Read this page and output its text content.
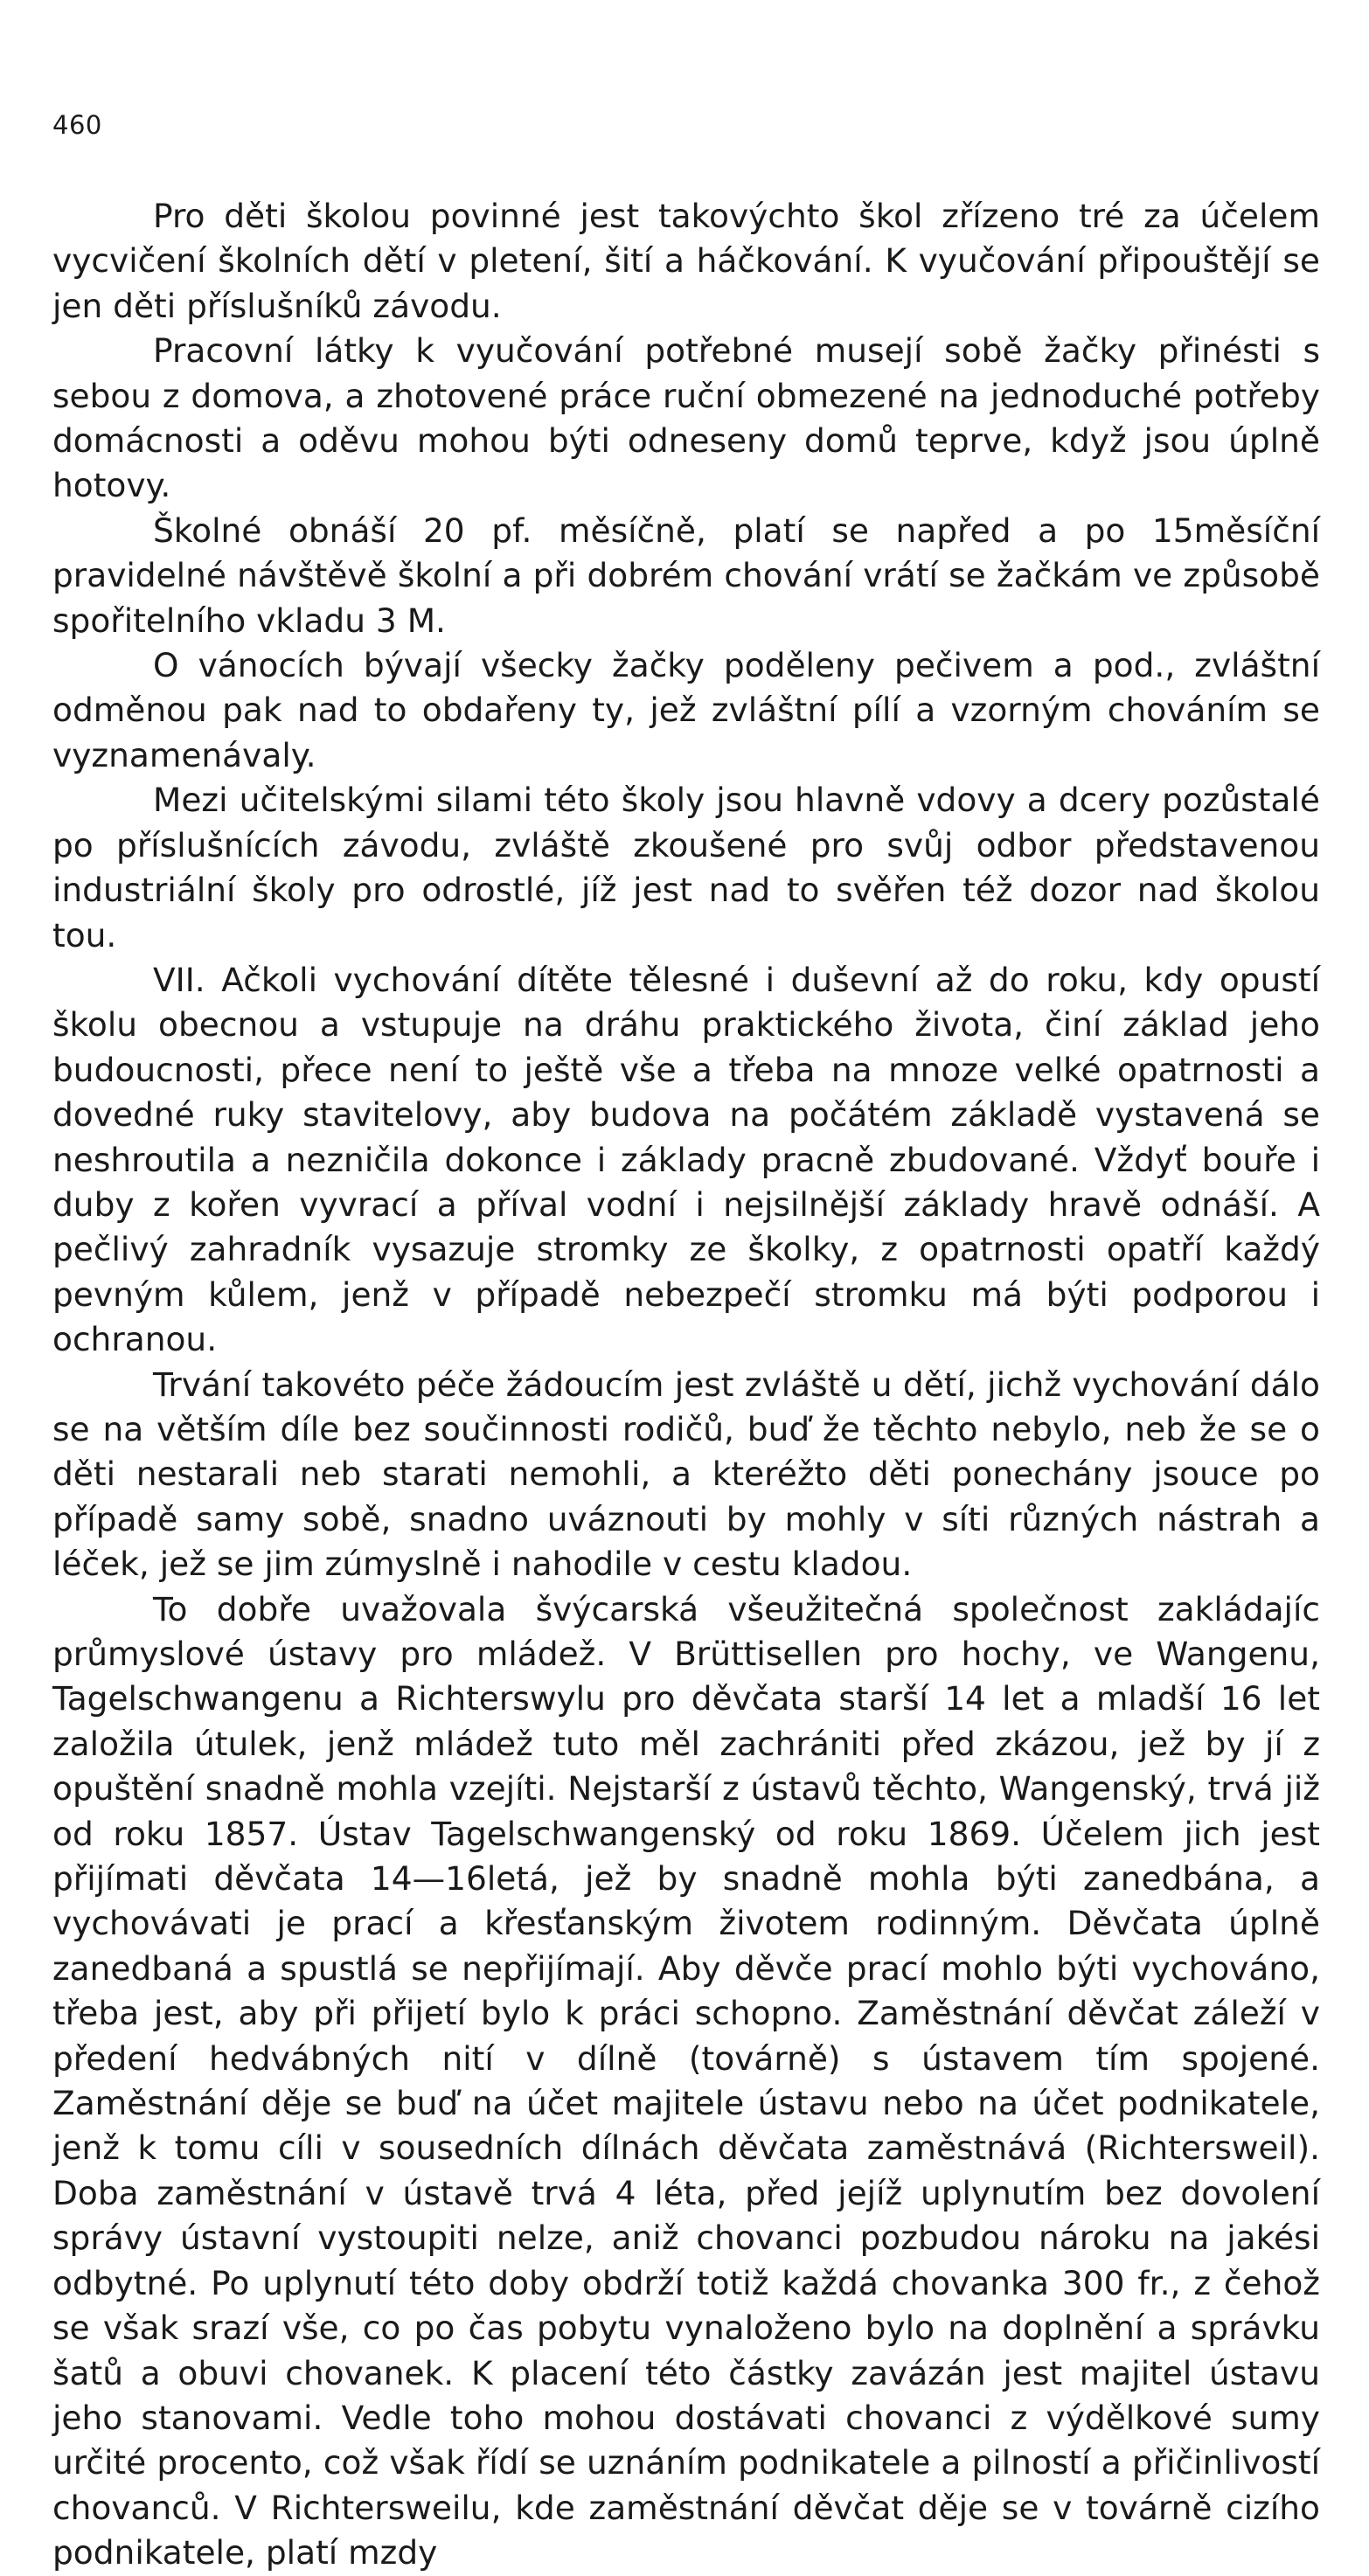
460

Pro děti školou povinné jest takovýchto škol zřízeno tré za účelem vycvičení školních dětí v pletení, šití a háčkování. K vyučování připouštějí se jen děti příslušníků závodu.

Pracovní látky k vyučování potřebné musejí sobě žačky přinésti s sebou z domova, a zhotovené práce ruční obmezené na jednoduché potřeby domácnosti a oděvu mohou býti odneseny domů teprve, když jsou úplně hotovy.

Školné obnáší 20 pf. měsíčně, platí se napřed a po 15měsíční pravidelné návštěvě školní a při dobrém chování vrátí se žačkám ve způsobě spořitelního vkladu 3 M.

O vánocích bývají všecky žačky poděleny pečivem a pod., zvláštní odměnou pak nad to obdařeny ty, jež zvláštní pílí a vzorným chováním se vyznamenávaly.

Mezi učitelskými silami této školy jsou hlavně vdovy a dcery pozůstalé po příslušnících závodu, zvláště zkoušené pro svůj odbor představenou industriální školy pro odrostlé, jíž jest nad to svěřen též dozor nad školou tou.

VII. Ačkoli vychování dítěte tělesné i duševní až do roku, kdy opustí školu obecnou a vstupuje na dráhu praktického života, činí základ jeho budoucnosti, přece není to ještě vše a třeba na mnoze velké opatrnosti a dovedné ruky stavitelovy, aby budova na počátém základě vystavená se neshroutila a nezničila dokonce i základy pracně zbudované. Vždyť bouře i duby z kořen vyvrací a příval vodní i nejsilnější základy hravě odnáší. A pečlivý zahradník vysazuje stromky ze školky, z opatrnosti opatří každý pevným kůlem, jenž v případě nebezpečí stromku má býti podporou i ochranou.

Trvání takovéto péče žádoucím jest zvláště u dětí, jichž vychování dálo se na větším díle bez součinnosti rodičů, buď že těchto nebylo, neb že se o děti nestarali neb starati nemohli, a kteréžto děti ponechány jsouce po případě samy sobě, snadno uváznouti by mohly v síti různých nástrah a léček, jež se jim zúmyslně i nahodile v cestu kladou.

To dobře uvažovala švýcarská všeužitečná společnost zakládajíc průmyslové ústavy pro mládež. V Brüttisellen pro hochy, ve Wangenu, Tagelschwangenu a Richterswylu pro děvčata starší 14 let a mladší 16 let založila útulek, jenž mládež tuto měl zachrániti před zkázou, jež by jí z opuštění snadně mohla vzejíti. Nejstarší z ústavů těchto, Wangenský, trvá již od roku 1857. Ústav Tagelschwangenský od roku 1869. Účelem jich jest přijímati děvčata 14—16letá, jež by snadně mohla býti zanedbána, a vychovávati je prací a křesťanským životem rodinným. Děvčata úplně zanedbaná a spustlá se nepřijímají. Aby děvče prací mohlo býti vychováno, třeba jest, aby při přijetí bylo k práci schopno. Zaměstnání děvčat záleží v předení hedvábných nití v dílně (továrně) s ústavem tím spojené. Zaměstnání děje se buď na účet majitele ústavu nebo na účet podnikatele, jenž k tomu cíli v sousedních dílnách děvčata zaměstnává (Richtersweil). Doba zaměstnání v ústavě trvá 4 léta, před jejíž uplynutím bez dovolení správy ústavní vystoupiti nelze, aniž chovanci pozbudou nároku na jakési odbytné. Po uplynutí této doby obdrží totiž každá chovanka 300 fr., z čehož se však srazí vše, co po čas pobytu vynaloženo bylo na doplnění a správku šatů a obuvi chovanek. K placení této částky zavázán jest majitel ústavu jeho stanovami. Vedle toho mohou dostávati chovanci z výdělkové sumy určité procento, což však řídí se uznáním podnikatele a pilností a přičinlivostí chovanců. V Richtersweilu, kde zaměstnání děvčat děje se v továrně cizího podnikatele, platí mzdy
